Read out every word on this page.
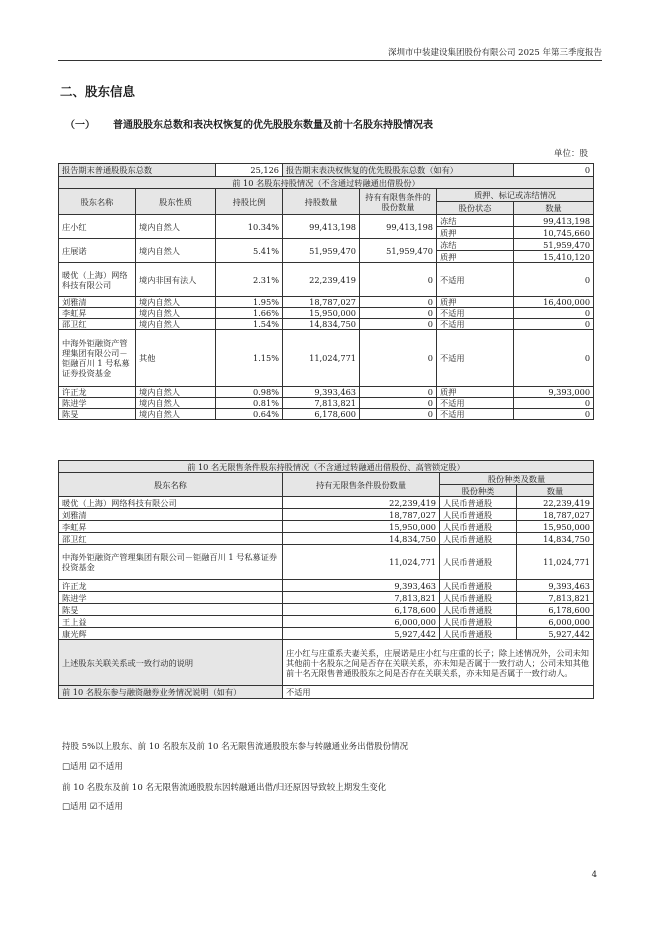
深圳市中装建设集团股份有限公司 2025 年第三季度报告
二、股东信息
（一） 普通股股东总数和表决权恢复的优先股股东数量及前十名股东持股情况表
单位：股
报告期末普通股股东总数		25,126	报告期末表决权恢复的优先股股东总数（如有）			0
前 10 名股东持股情况（不含通过转融通出借股份）						
股东名称	股东性质	持股比例	持股数量	持有有限售条件的股份数量	质押、标记或冻结情况	
					股份状态	数量
庄小红	境内自然人	10.34%	99,413,198	99,413,198	冻结	99,413,198
					质押	10,745,660
庄展诺	境内自然人	5.41%	51,959,470	51,959,470	冻结	51,959,470
					质押	15,410,120
暖优（上海）网络科技有限公司	境内非国有法人	2.31%	22,239,419	0	不适用	0
刘雅清	境内自然人	1.95%	18,787,027	0	质押	16,400,000
李虹昇	境内自然人	1.66%	15,950,000	0	不适用	0
邵卫红	境内自然人	1.54%	14,834,750	0	不适用	0
中海外钜融资产管理集团有限公司－钜融百川 1 号私募证券投资基金	其他	1.15%	11,024,771	0	不适用	0
许正龙	境内自然人	0.98%	9,393,463	0	质押	9,393,000
陈进学	境内自然人	0.81%	7,813,821	0	不适用	0
陈旻	境内自然人	0.64%	6,178,600	0	不适用	0
前 10 名无限售条件股东持股情况（不含通过转融通出借股份、高管锁定股）			
股东名称	持有无限售条件股份数量	股份种类及数量	
		股份种类	数量
暖优（上海）网络科技有限公司	22,239,419	人民币普通股	22,239,419
刘雅清	18,787,027	人民币普通股	18,787,027
李虹昇	15,950,000	人民币普通股	15,950,000
邵卫红	14,834,750	人民币普通股	14,834,750
中海外钜融资产管理集团有限公司－钜融百川 1 号私募证券投资基金	11,024,771	人民币普通股	11,024,771
许正龙	9,393,463	人民币普通股	9,393,463
陈进学	7,813,821	人民币普通股	7,813,821
陈旻	6,178,600	人民币普通股	6,178,600
王上益	6,000,000	人民币普通股	6,000,000
康光辉	5,927,442	人民币普通股	5,927,442
上述股东关联关系或一致行动的说明	庄小红与庄重系夫妻关系，庄展诺是庄小红与庄重的长子；除上述情况外，公司未知其他前十名股东之间是否存在关联关系，亦未知是否属于一致行动人；公司未知其他前十名无限售普通股股东之间是否存在关联关系，亦未知是否属于一致行动人。		
前 10 名股东参与融资融券业务情况说明（如有）	不适用		
持股 5%以上股东、前 10 名股东及前 10 名无限售流通股股东参与转融通业务出借股份情况
□适用 ☑不适用
前 10 名股东及前 10 名无限售流通股股东因转融通出借/归还原因导致较上期发生变化
□适用 ☑不适用
4
